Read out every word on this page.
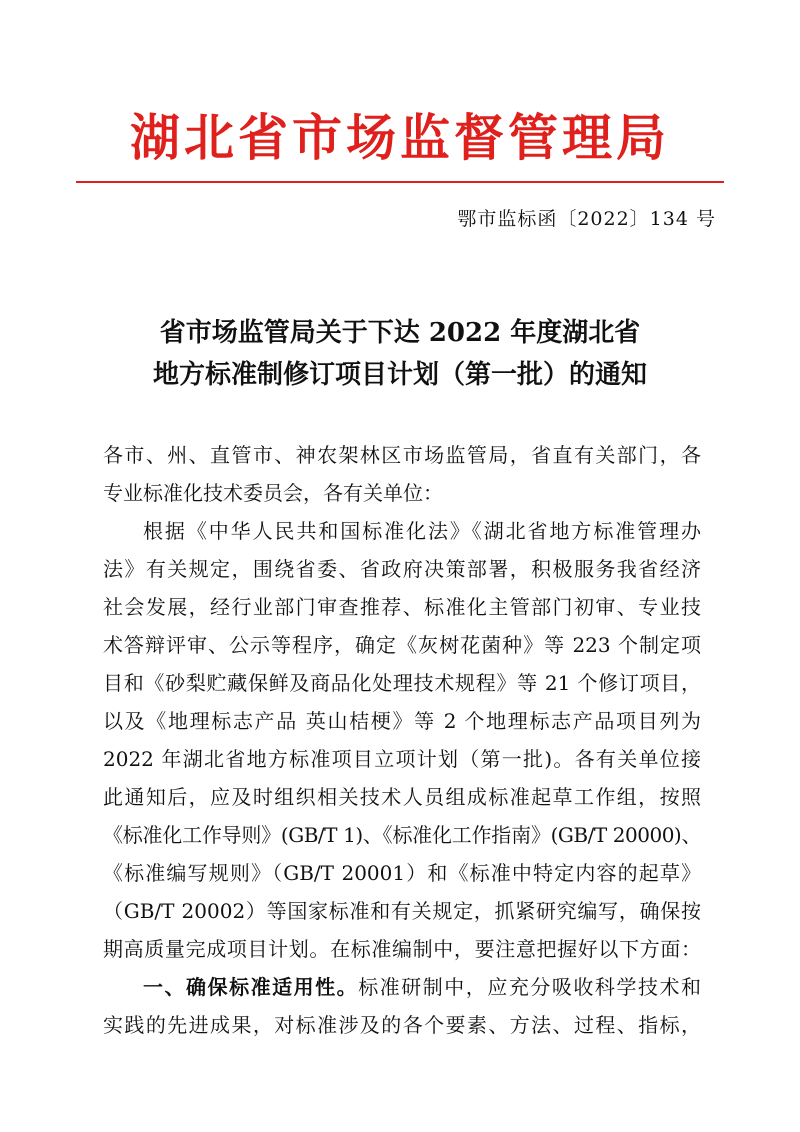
湖北省市场监督管理局
鄂市监标函〔2022〕134 号
省市场监管局关于下达 2022 年度湖北省
地方标准制修订项目计划（第一批）的通知
各市、州、直管市、神农架林区市场监管局，省直有关部门，各
专业标准化技术委员会，各有关单位：
根据《中华人民共和国标准化法》《湖北省地方标准管理办
法》有关规定，围绕省委、省政府决策部署，积极服务我省经济
社会发展，经行业部门审查推荐、标准化主管部门初审、专业技
术答辩评审、公示等程序，确定《灰树花菌种》等 223 个制定项
目和《砂梨贮藏保鲜及商品化处理技术规程》等 21 个修订项目，
以及《地理标志产品 英山桔梗》等 2 个地理标志产品项目列为
2022 年湖北省地方标准项目立项计划（第一批)。各有关单位接
此通知后，应及时组织相关技术人员组成标准起草工作组，按照
《标准化工作导则》(GB/T 1)、《标准化工作指南》(GB/T 20000)、
《标准编写规则》（GB/T 20001）和《标准中特定内容的起草》
（GB/T 20002）等国家标准和有关规定，抓紧研究编写，确保按
期高质量完成项目计划。在标准编制中，要注意把握好以下方面：
一、确保标准适用性。标准研制中，应充分吸收科学技术和
实践的先进成果，对标准涉及的各个要素、方法、过程、指标，
